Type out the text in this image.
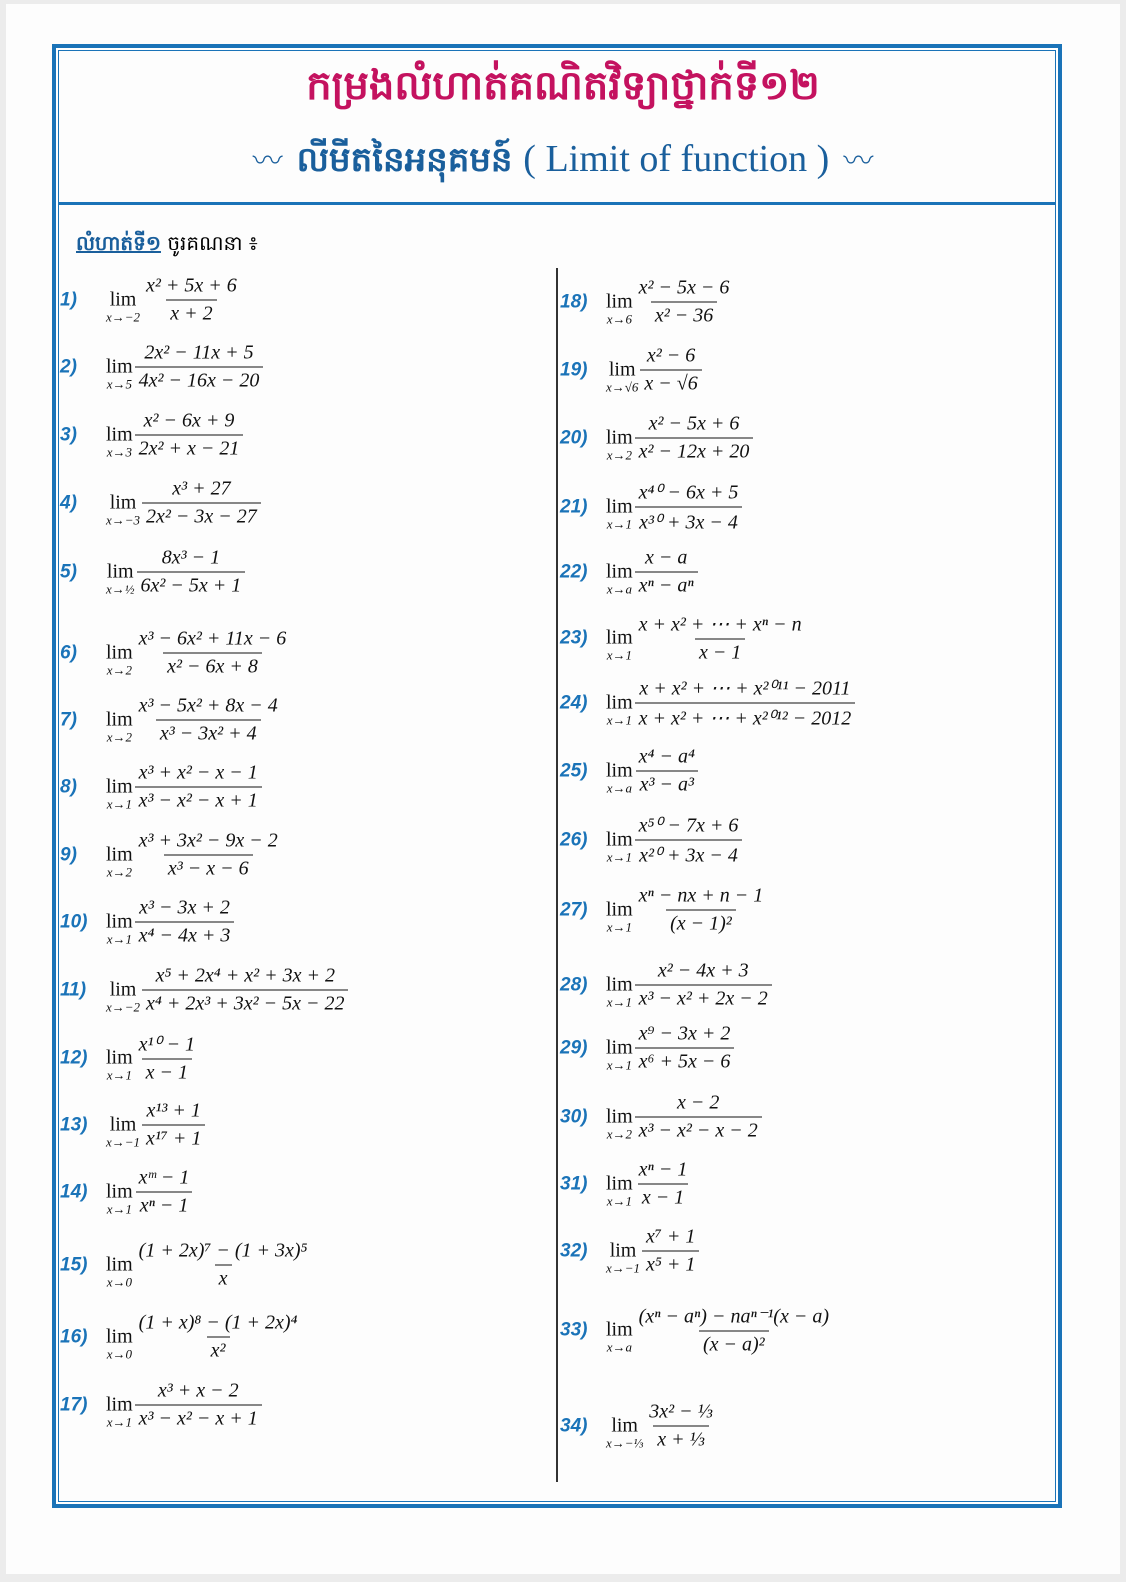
កម្រងលំហាត់គណិតវិទ្យាថ្នាក់ទី១២
〰 លីមីតនៃអនុគមន៍ ( Limit of function ) 〰
លំហាត់ទី១ ចូរគណនា ៖
1)	lim
$x\to-2 \frac{\text{x² + 5x + 6}}{x + 2}$
2)	lim
$x\to 5 \frac{\text{2x² − 11x + 5}}{\text{4x² − 16x − 20}}$
3)	lim
$x\to 3 \frac{\text{x² − 6x + 9}}{\text{2x² + x − 21}}$
4)	lim
$x\to-3 \frac{\text{x³ + 27}}{\text{2x² − 3x − 27}}$
5)	lim
x→½ $\frac{\text{8x³ − 1}}{\text{6x² − 5x + 1}}$
6)	lim
$x\to 2 \frac{\text{x³ − 6x² + 11x − 6}}{\text{x² − 6x + 8}}$
7)	lim
$x\to 2 \frac{\text{x³ − 5x² + 8x − 4}}{\text{x³ − 3x² + 4}}$
8)	lim
$x\to 1 \frac{\text{x³ + x² − x − 1}}{\text{x³ − x² − x + 1}}$
9)	lim
$x\to 2 \frac{\text{x³ + 3x² − 9x − 2}}{\text{x³ − x − 6}}$
10) lim
$x\to 1 \frac{\text{x³ − 3x + 2}}{\text{x⁴ − 4x + 3}}$
11)	lim
$x\to-2 \frac{\text{x⁵ + 2x⁴ + x² + 3x + 2}}{\text{x⁴ + 2x³ + 3x² − 5x − 22}}$
12) lim
$x\to 1 \frac{\text{x¹⁰ − 1}}{x - 1}$
13)	lim
$x\to-1 \frac{\text{x¹³ + 1}}{\text{x¹⁷ + 1}}$
14) lim
$x\to 1 \frac{\text{xᵐ − 1}}{\text{xⁿ − 1}}$
15) lim
$x\to 0 \frac{\text{(1 + 2x)⁷ − (1 + 3x)⁵}}{x}$
16) lim
$x\to 0 \frac{\text{(1 + x)⁸ − (1 + 2x)⁴}}{\text{x²}}$
17) lim
$x\to 1 \frac{\text{x³ + x − 2}}{\text{x³ − x² − x + 1}}$
18) lim
$x\to 6 \frac{\text{x² − 5x − 6}}{\text{x² − 36}}$
19)	lim
$x\to√6 \frac{\text{x² − 6}}{x - √6}$
20) lim
$x\to 2 \frac{\text{x² − 5x + 6}}{\text{x² − 12x + 20}}$
21) lim
$x\to 1 \frac{\text{x⁴⁰ − 6x + 5}}{\text{x³⁰ + 3x − 4}}$
22) lim
$x\to a \frac{x - a}{\text{xⁿ − aⁿ}}$
23) lim
$x\to 1 \frac{\text{x + x² + ⋯ + xⁿ − n}}{x - 1}$
24) lim
$x\to 1 \frac{\text{x + x² + ⋯ + x²⁰¹¹ − 2011}}{\text{x + x² + ⋯ + x²⁰¹² − 2012}}$
25) lim
$x\to a \frac{\text{x⁴ − a⁴}}{\text{x³ − a³}}$
26) lim
$x\to 1 \frac{\text{x⁵⁰ − 7x + 6}}{\text{x²⁰ + 3x − 4}}$
27) lim
$x\to 1 \frac{\text{xⁿ − nx + n − 1}}{\text{(x − 1)²}}$
28) lim
$x\to 1 \frac{\text{x² − 4x + 3}}{\text{x³ − x² + 2x − 2}}$
29) lim
$x\to 1 \frac{\text{x⁹ − 3x + 2}}{\text{x⁶ + 5x − 6}}$
30) lim
$x\to 2 \frac{x - 2}{\text{x³ − x² − x − 2}}$
31) lim
$x\to 1 \frac{\text{xⁿ − 1}}{x - 1}$
32)	lim
$x\to-1 \frac{\text{x⁷ + 1}}{\text{x⁵ + 1}}$
33) lim
$x\to a \frac{\text{(xⁿ − aⁿ) − naⁿ⁻¹(x − a)}}{\text{(x − a)²}}$
34)	lim
x→−⅓ $\frac{\text{3x² − ⅓}}{\text{x + ⅓}}$
